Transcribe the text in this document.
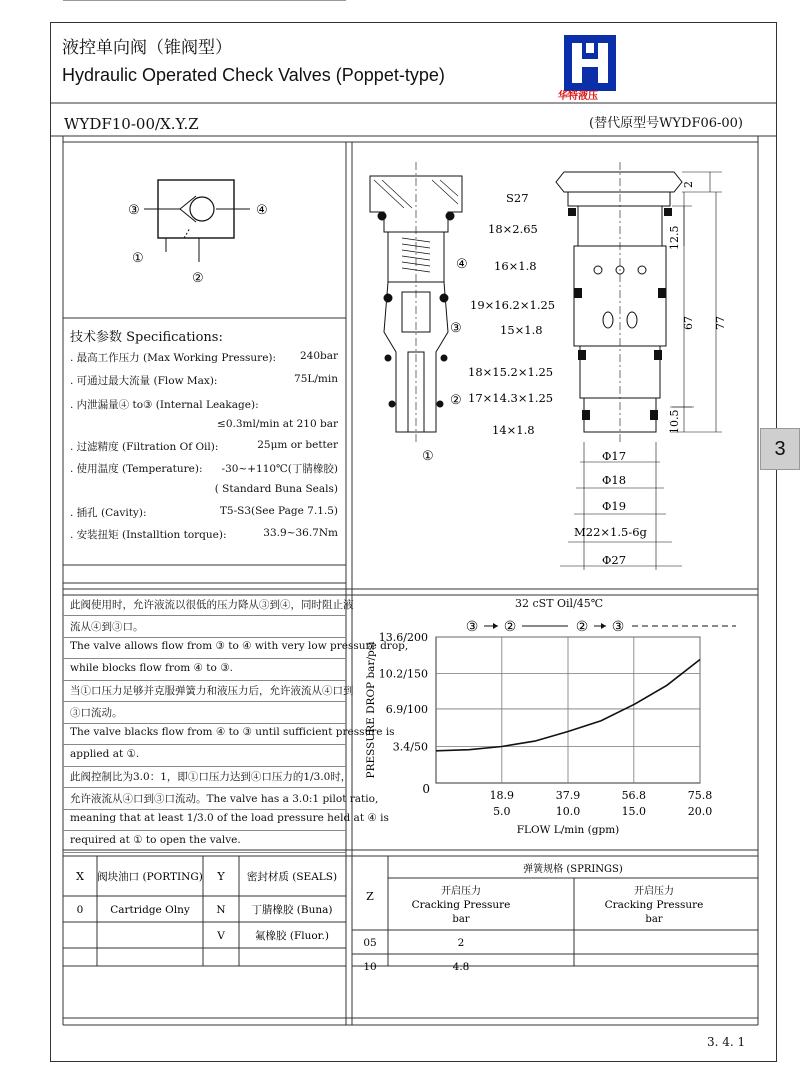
液控单向阀（锥阀型）
Hydraulic Operated Check Valves (Poppet-type)
WYDF10-00/X.Y.Z	(替代原型号WYDF06-00)
华特液压
3
③	④
①
②
④
③
②
①
S27
18×2.65
16×1.8
19×16.2×1.25
15×1.8
18×15.2×1.25
17×14.3×1.25
14×1.8
Φ17
Φ18
Φ19
M22×1.5-6g
Φ27
2
12.5
67 77
10.5
技术参数 Specifications:
. 最高工作压力 (Max Working Pressure): 240bar
. 可通过最大流量 (Flow Max):	75L/min
. 内泄漏量④ to③ (Internal Leakage):
≤0.3ml/min at 210 bar
. 过滤精度 (Filtration Of Oil):	25μm or better
. 使用温度 (Temperature): -30~+110℃(丁腈橡胶)
( Standard Buna Seals)
. 插孔 (Cavity):	T5-S3(See Page 7.1.5)
. 安装扭矩 (Installtion torque):	33.9~36.7Nm
此阀使用时，允许液流以很低的压力降从③到④，同时阻止液
流从④到③口。
The valve allows flow from ③ to ④ with very low pressure drop,
while blocks flow from ④ to ③.
当①口压力足够并克服弹簧力和液压力后，允许液流从④口到
③口流动。
The valve blacks flow from ④ to ③ until sufficient pressure is
applied at ①.
此阀控制比为3.0：1，即①口压力达到④口压力的1/3.0时，
允许液流从④口到③口流动。The valve has a 3.0:1 pilot ratio,
meaning that at least 1/3.0 of the load pressure held at ④ is
required at ① to open the valve.
32 cST Oil/45℃
13.6/200
10.2/150
6.9/100
3.4/50
18.9
5.0
37.9
10.0
56.8
15.0
75.8
20.0
0
PRESSURE DROP bar/psi
FLOW L/min (gpm)
③ ②	② ③
X 阀块油口 (PORTING) Y 密封材质 (SEALS)
0	Cartridge Olny	N 丁腈橡胶 (Buna)
V	氟橡胶 (Fluor.)
弹簧规格 (SPRINGS)
Z	开启压力
Cracking Pressure
bar
开启压力
Cracking Pressure
bar
05	2
10	4.8
3. 4. 1
